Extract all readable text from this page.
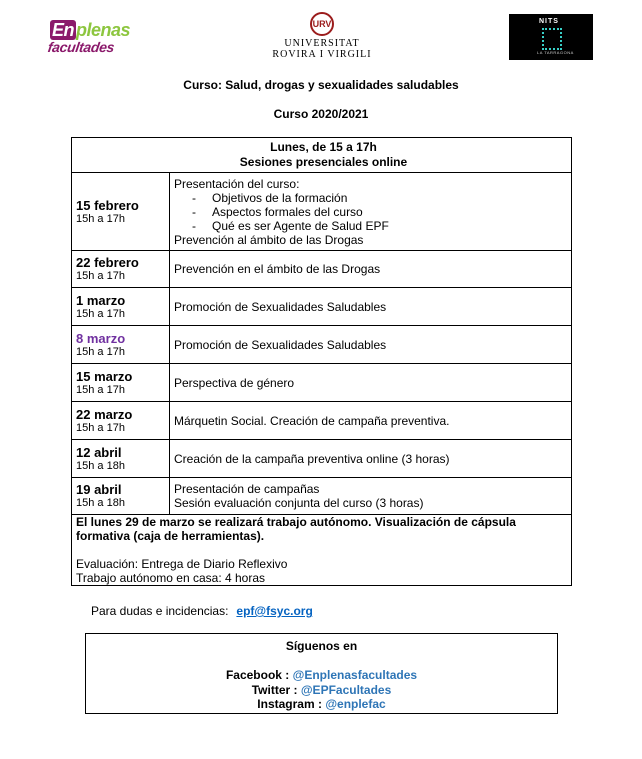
En plenas
facultades
URV
UNIVERSITAT
ROVIRA I VIRGILI
NITS
LA TARRAGONA
Curso: Salud, drogas y sexualidades saludables
Curso 2020/2021
Lunes, de 15 a 17h
Sesiones presenciales online	

15 febrero
15h a 17h	Presentación del curso:
- Objetivos de la formación
- Aspectos formales del curso
- Qué es ser Agente de Salud EPF
Prevención al ámbito de las Drogas

22 febrero
15h a 17h	Prevención en el ámbito de las Drogas

1 marzo
15h a 17h	Promoción de Sexualidades Saludables

8 marzo
15h a 17h	Promoción de Sexualidades Saludables

15 marzo
15h a 17h	Perspectiva de género

22 marzo
15h a 17h	Márquetin Social. Creación de campaña preventiva.

12 abril
15h a 18h	Creación de la campaña preventiva online (3 horas)

19 abril
15h a 18h	Presentación de campañas
Sesión evaluación conjunta del curso (3 horas)

El lunes 29 de marzo se realizará trabajo autónomo. Visualización de cápsula formativa (caja de herramientas).
Evaluación: Entrega de Diario Reflexivo
Trabajo autónomo en casa: 4 horas	
Para dudas e incidencias: epf@fsyc.org
Síguenos en
Facebook : @Enplenasfacultades
Twitter : @EPFacultades
Instagram : @enplefac
